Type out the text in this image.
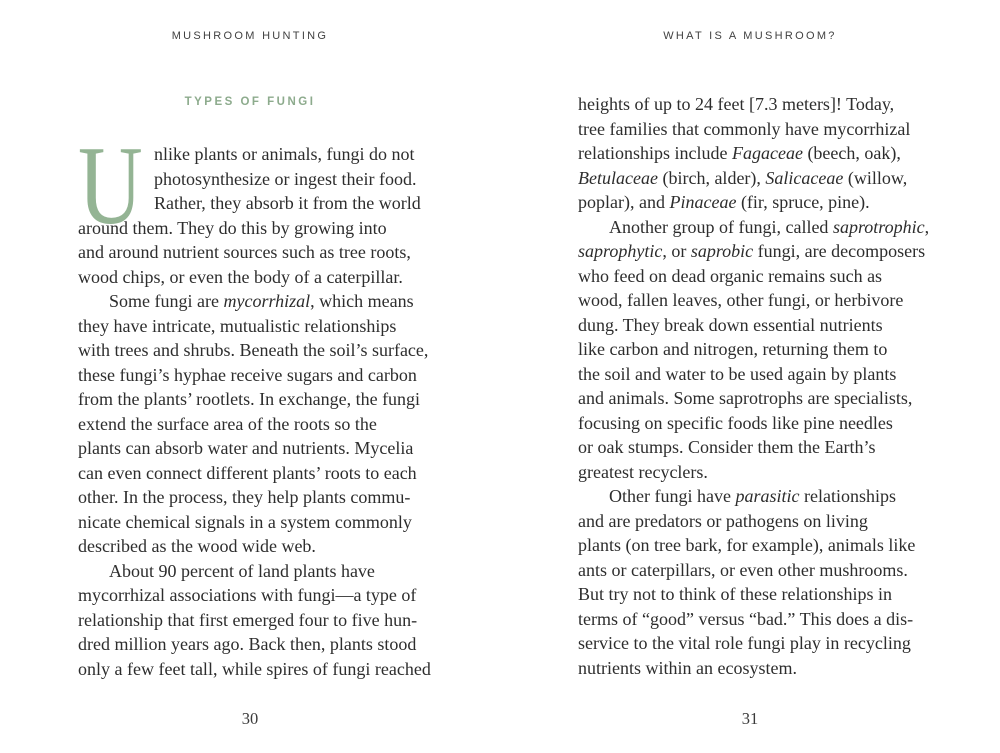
MUSHROOM HUNTING
TYPES OF FUNGI

U nlike plants or animals, fungi do not
photosynthesize or ingest their food.
Rather, they absorb it from the world
around them. They do this by growing into
and around nutrient sources such as tree roots,
wood chips, or even the body of a caterpillar.

Some fungi are mycorrhizal, which means
they have intricate, mutualistic relationships
with trees and shrubs. Beneath the soil’s surface,
these fungi’s hyphae receive sugars and carbon
from the plants’ rootlets. In exchange, the fungi
extend the surface area of the roots so the
plants can absorb water and nutrients. Mycelia
can even connect different plants’ roots to each
other. In the process, they help plants commu-
nicate chemical signals in a system commonly
described as the wood wide web.

About 90 percent of land plants have
mycorrhizal associations with fungi—a type of
relationship that first emerged four to five hun-
dred million years ago. Back then, plants stood
only a few feet tall, while spires of fungi reached

30
WHAT IS A MUSHROOM?

heights of up to 24 feet [7.3 meters]! Today,
tree families that commonly have mycorrhizal
relationships include Fagaceae (beech, oak),
Betulaceae (birch, alder), Salicaceae (willow,
poplar), and Pinaceae (fir, spruce, pine).

Another group of fungi, called saprotrophic,
saprophytic, or saprobic fungi, are decomposers
who feed on dead organic remains such as
wood, fallen leaves, other fungi, or herbivore
dung. They break down essential nutrients
like carbon and nitrogen, returning them to
the soil and water to be used again by plants
and animals. Some saprotrophs are specialists,
focusing on specific foods like pine needles
or oak stumps. Consider them the Earth’s
greatest recyclers.

Other fungi have parasitic relationships
and are predators or pathogens on living
plants (on tree bark, for example), animals like
ants or caterpillars, or even other mushrooms.
But try not to think of these relationships in
terms of “good” versus “bad.” This does a dis-
service to the vital role fungi play in recycling
nutrients within an ecosystem.

31
